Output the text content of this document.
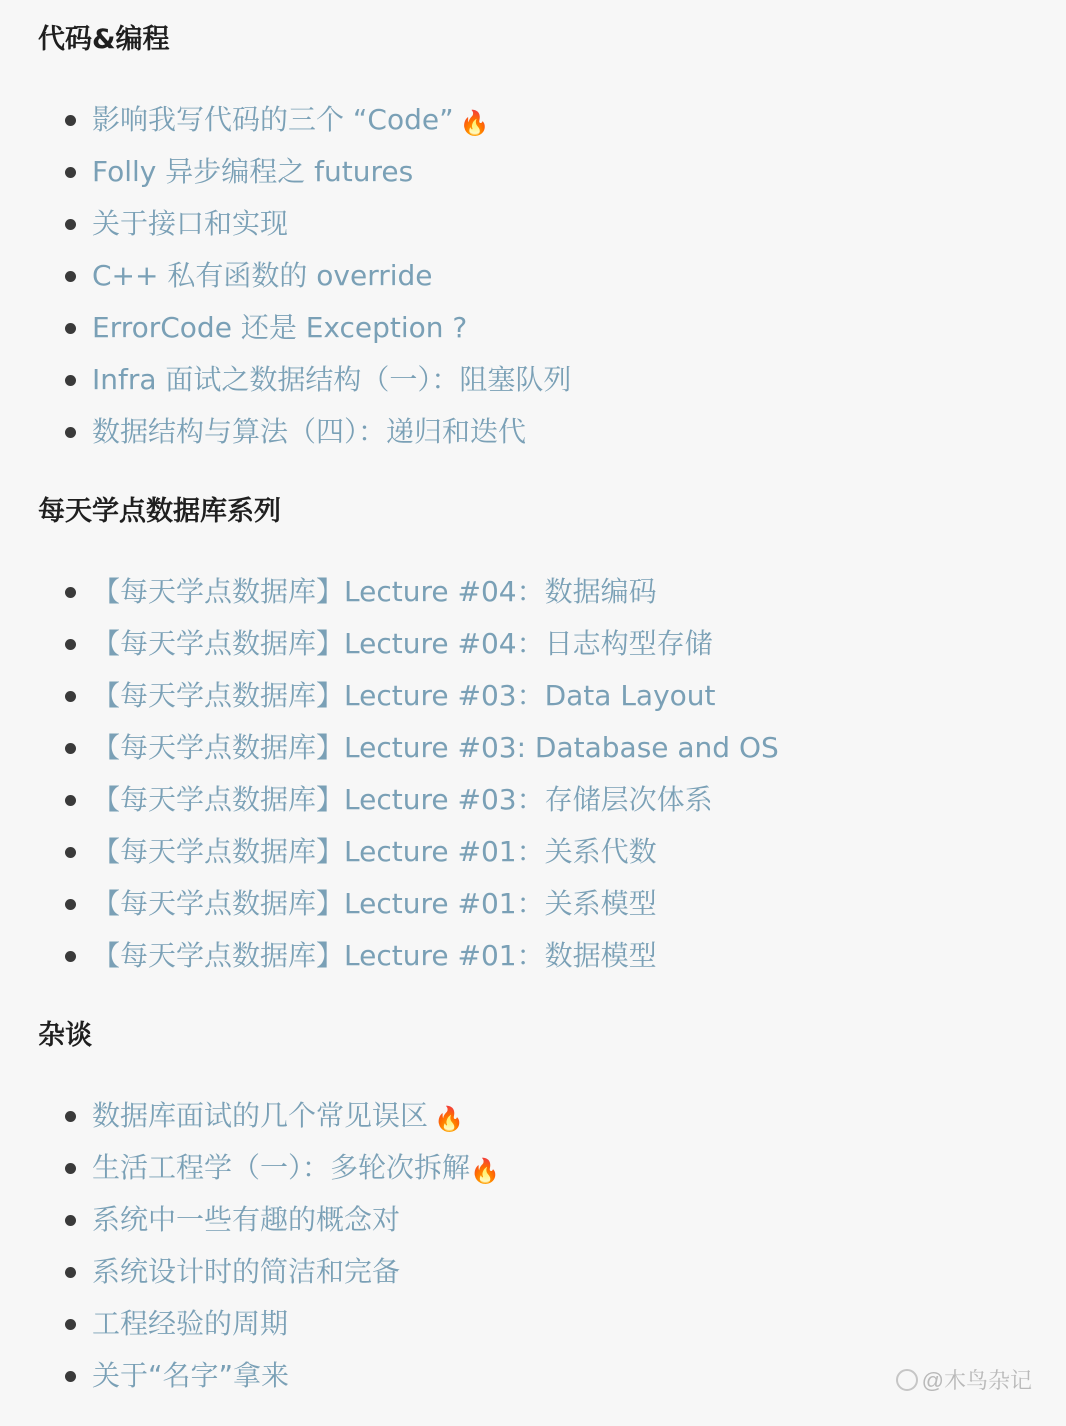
代码&编程
影响我写代码的三个 “Code” 🔥
Folly 异步编程之 futures
关于接口和实现
C++ 私有函数的 override
ErrorCode 还是 Exception ?
Infra 面试之数据结构（一）：阻塞队列
数据结构与算法（四）：递归和迭代
每天学点数据库系列
【每天学点数据库】Lecture #04：数据编码
【每天学点数据库】Lecture #04：日志构型存储
【每天学点数据库】Lecture #03：Data Layout
【每天学点数据库】Lecture #03: Database and OS
【每天学点数据库】Lecture #03：存储层次体系
【每天学点数据库】Lecture #01：关系代数
【每天学点数据库】Lecture #01：关系模型
【每天学点数据库】Lecture #01：数据模型
杂谈
数据库面试的几个常见误区 🔥
生活工程学（一）：多轮次拆解🔥
系统中一些有趣的概念对
系统设计时的简洁和完备
工程经验的周期
关于“名字”拿来	@木鸟杂记
